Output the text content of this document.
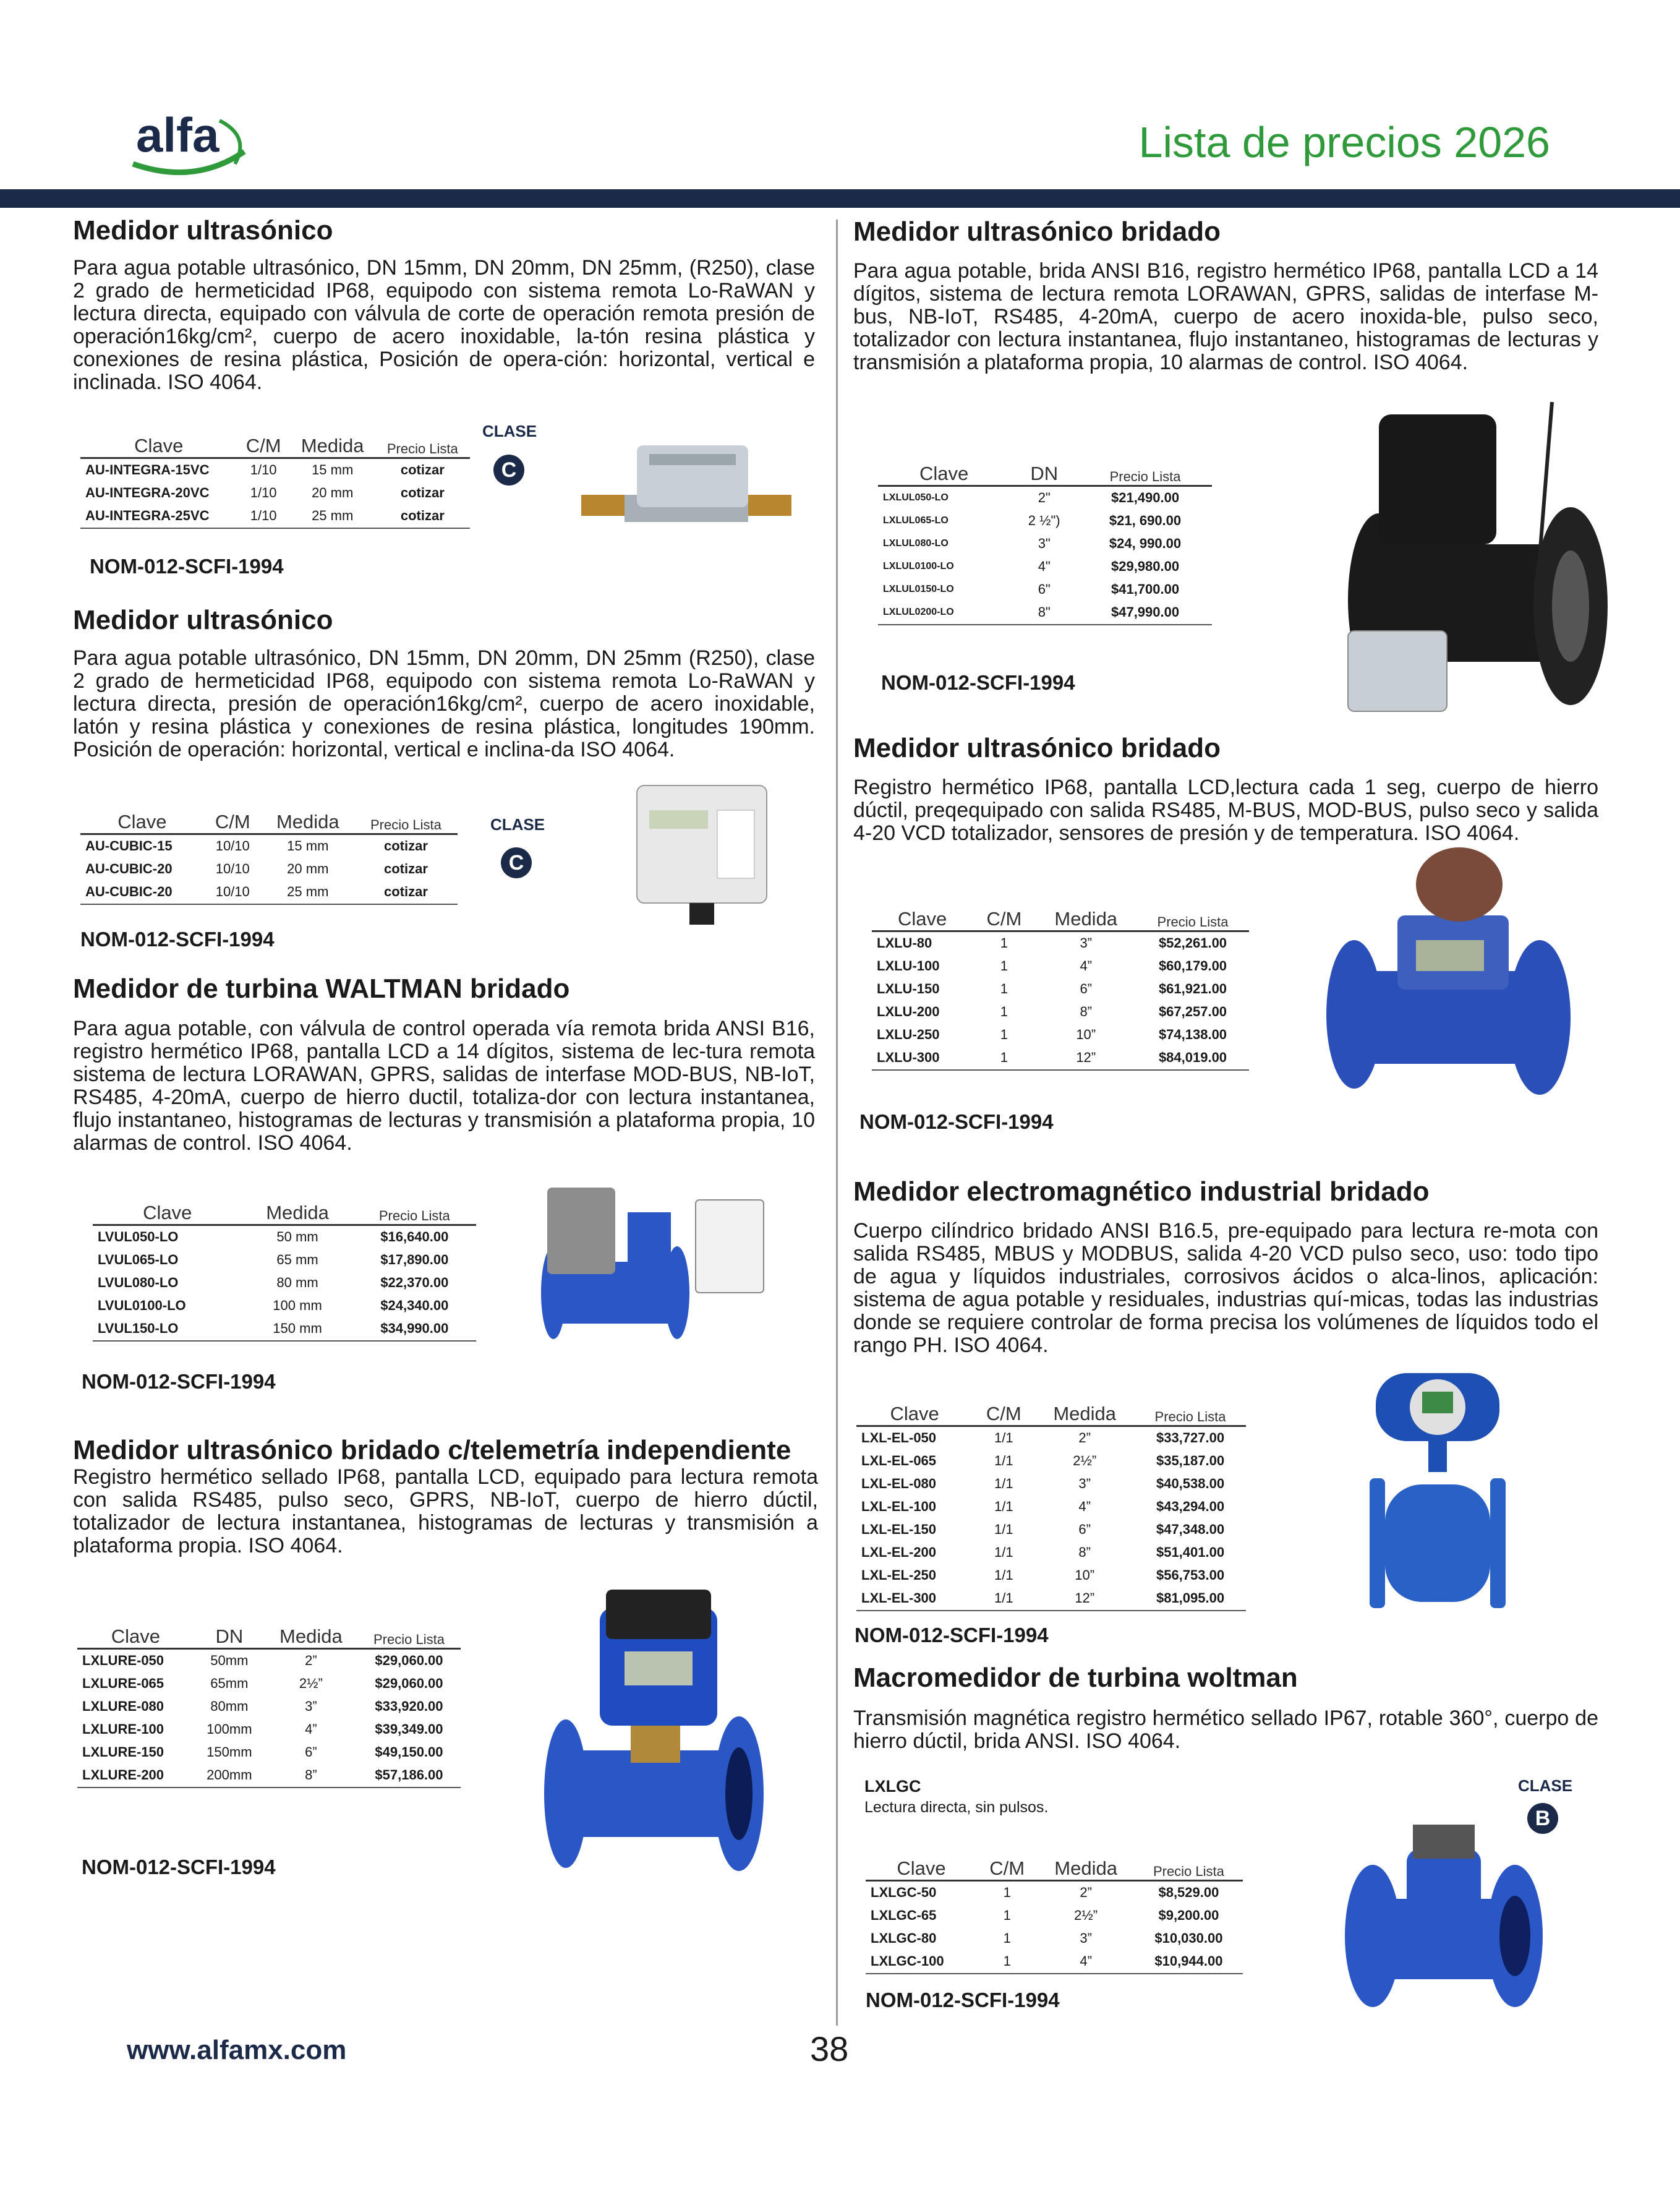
alfa	Lista de precios 2026
Medidor ultrasónico

Para agua potable ultrasónico, DN 15mm, DN 20mm, DN 25mm, (R250), clase 2 grado de hermeticidad IP68, equipodo con sistema remota Lo-RaWAN y lectura directa, equipado con válvula de corte de operación remota presión de operación16kg/cm², cuerpo de acero inoxidable, la-tón resina plástica y conexiones de resina plástica, Posición de opera-ción: horizontal, vertical e inclinada. ISO 4064.

Clave	C/M	Medida	Precio Lista
AU-INTEGRA-15VC	1/10	15 mm	cotizar
AU-INTEGRA-20VC	1/10	20 mm	cotizar
AU-INTEGRA-25VC	1/10	25 mm	cotizar
CLASE
C
NOM-012-SCFI-1994
Medidor ultrasónico

Para agua potable ultrasónico, DN 15mm, DN 20mm, DN 25mm (R250), clase 2 grado de hermeticidad IP68, equipodo con sistema remota Lo-RaWAN y lectura directa, presión de operación16kg/cm², cuerpo de acero inoxidable, latón y resina plástica y conexiones de resina plástica, longitudes 190mm. Posición de operación: horizontal, vertical e inclina-da ISO 4064.

Clave	C/M	Medida	Precio Lista
AU-CUBIC-15	10/10	15 mm	cotizar
AU-CUBIC-20	10/10	20 mm	cotizar
AU-CUBIC-20	10/10	25 mm	cotizar
CLASE
C
NOM-012-SCFI-1994
Medidor de turbina WALTMAN bridado

Para agua potable, con válvula de control operada vía remota brida ANSI B16, registro hermético IP68, pantalla LCD a 14 dígitos, sistema de lec-tura remota sistema de lectura LORAWAN, GPRS, salidas de interfase MOD-BUS, NB-IoT, RS485, 4-20mA, cuerpo de hierro ductil, totaliza-dor con lectura instantanea, flujo instantaneo, histogramas de lecturas y transmisión a plataforma propia, 10 alarmas de control. ISO 4064.

Clave	Medida	Precio Lista
LVUL050-LO	50 mm	$16,640.00
LVUL065-LO	65 mm	$17,890.00
LVUL080-LO	80 mm	$22,370.00
LVUL0100-LO	100 mm	$24,340.00
LVUL150-LO	150 mm	$34,990.00
NOM-012-SCFI-1994
Medidor ultrasónico bridado c/telemetría independiente

Registro hermético sellado IP68, pantalla LCD, equipado para lectura remota con salida RS485, pulso seco, GPRS, NB-IoT, cuerpo de hierro dúctil, totalizador de lectura instantanea, histogramas de lecturas y transmisión a plataforma propia. ISO 4064.

Clave	DN	Medida	Precio Lista
LXLURE-050	50mm	2”	$29,060.00
LXLURE-065	65mm	2½”	$29,060.00
LXLURE-080	80mm	3”	$33,920.00
LXLURE-100	100mm	4”	$39,349.00
LXLURE-150	150mm	6”	$49,150.00
LXLURE-200	200mm	8”	$57,186.00
NOM-012-SCFI-1994
Medidor ultrasónico bridado

Para agua potable, brida ANSI B16, registro hermético IP68, pantalla LCD a 14 dígitos, sistema de lectura remota LORAWAN, GPRS, salidas de interfase M-bus, NB-IoT, RS485, 4-20mA, cuerpo de acero inoxida-ble, pulso seco, totalizador con lectura instantanea, flujo instantaneo, histogramas de lecturas y transmisión a plataforma propia, 10 alarmas de control. ISO 4064.

Clave	DN	Precio Lista
LXLUL050-LO	2"	$21,490.00
LXLUL065-LO	2 ½")	$21, 690.00
LXLUL080-LO	3"	$24, 990.00
LXLUL0100-LO	4"	$29,980.00
LXLUL0150-LO	6"	$41,700.00
LXLUL0200-LO	8"	$47,990.00
NOM-012-SCFI-1994
Medidor ultrasónico bridado

Registro hermético IP68, pantalla LCD,lectura cada 1 seg, cuerpo de hierro dúctil, preqequipado con salida RS485, M-BUS, MOD-BUS, pulso seco y salida 4-20 VCD totalizador, sensores de presión y de temperatura. ISO 4064.

Clave	C/M	Medida	Precio Lista
LXLU-80	1	3”	$52,261.00
LXLU-100	1	4”	$60,179.00
LXLU-150	1	6”	$61,921.00
LXLU-200	1	8”	$67,257.00
LXLU-250	1	10”	$74,138.00
LXLU-300	1	12”	$84,019.00
NOM-012-SCFI-1994
Medidor electromagnético industrial bridado

Cuerpo cilíndrico bridado ANSI B16.5, pre-equipado para lectura re-mota con salida RS485, MBUS y MODBUS, salida 4-20 VCD pulso seco, uso: todo tipo de agua y líquidos industriales, corrosivos ácidos o alca-linos, aplicación: sistema de agua potable y residuales, industrias quí-micas, todas las industrias donde se requiere controlar de forma precisa los volúmenes de líquidos todo el rango PH. ISO 4064.

Clave	C/M	Medida	Precio Lista
LXL-EL-050	1/1	2”	$33,727.00
LXL-EL-065	1/1	2½”	$35,187.00
LXL-EL-080	1/1	3”	$40,538.00
LXL-EL-100	1/1	4”	$43,294.00
LXL-EL-150	1/1	6”	$47,348.00
LXL-EL-200	1/1	8”	$51,401.00
LXL-EL-250	1/1	10”	$56,753.00
LXL-EL-300	1/1	12”	$81,095.00
NOM-012-SCFI-1994
Macromedidor de turbina woltman

Transmisión magnética registro hermético sellado IP67, rotable 360°, cuerpo de hierro dúctil, brida ANSI. ISO 4064.

LXLGC
Lectura directa, sin pulsos.
CLASE
B
Clave	C/M	Medida	Precio Lista
LXLGC-50	1	2”	$8,529.00
LXLGC-65	1	2½”	$9,200.00
LXLGC-80	1	3”	$10,030.00
LXLGC-100	1	4”	$10,944.00
NOM-012-SCFI-1994
www.alfamx.com	38
